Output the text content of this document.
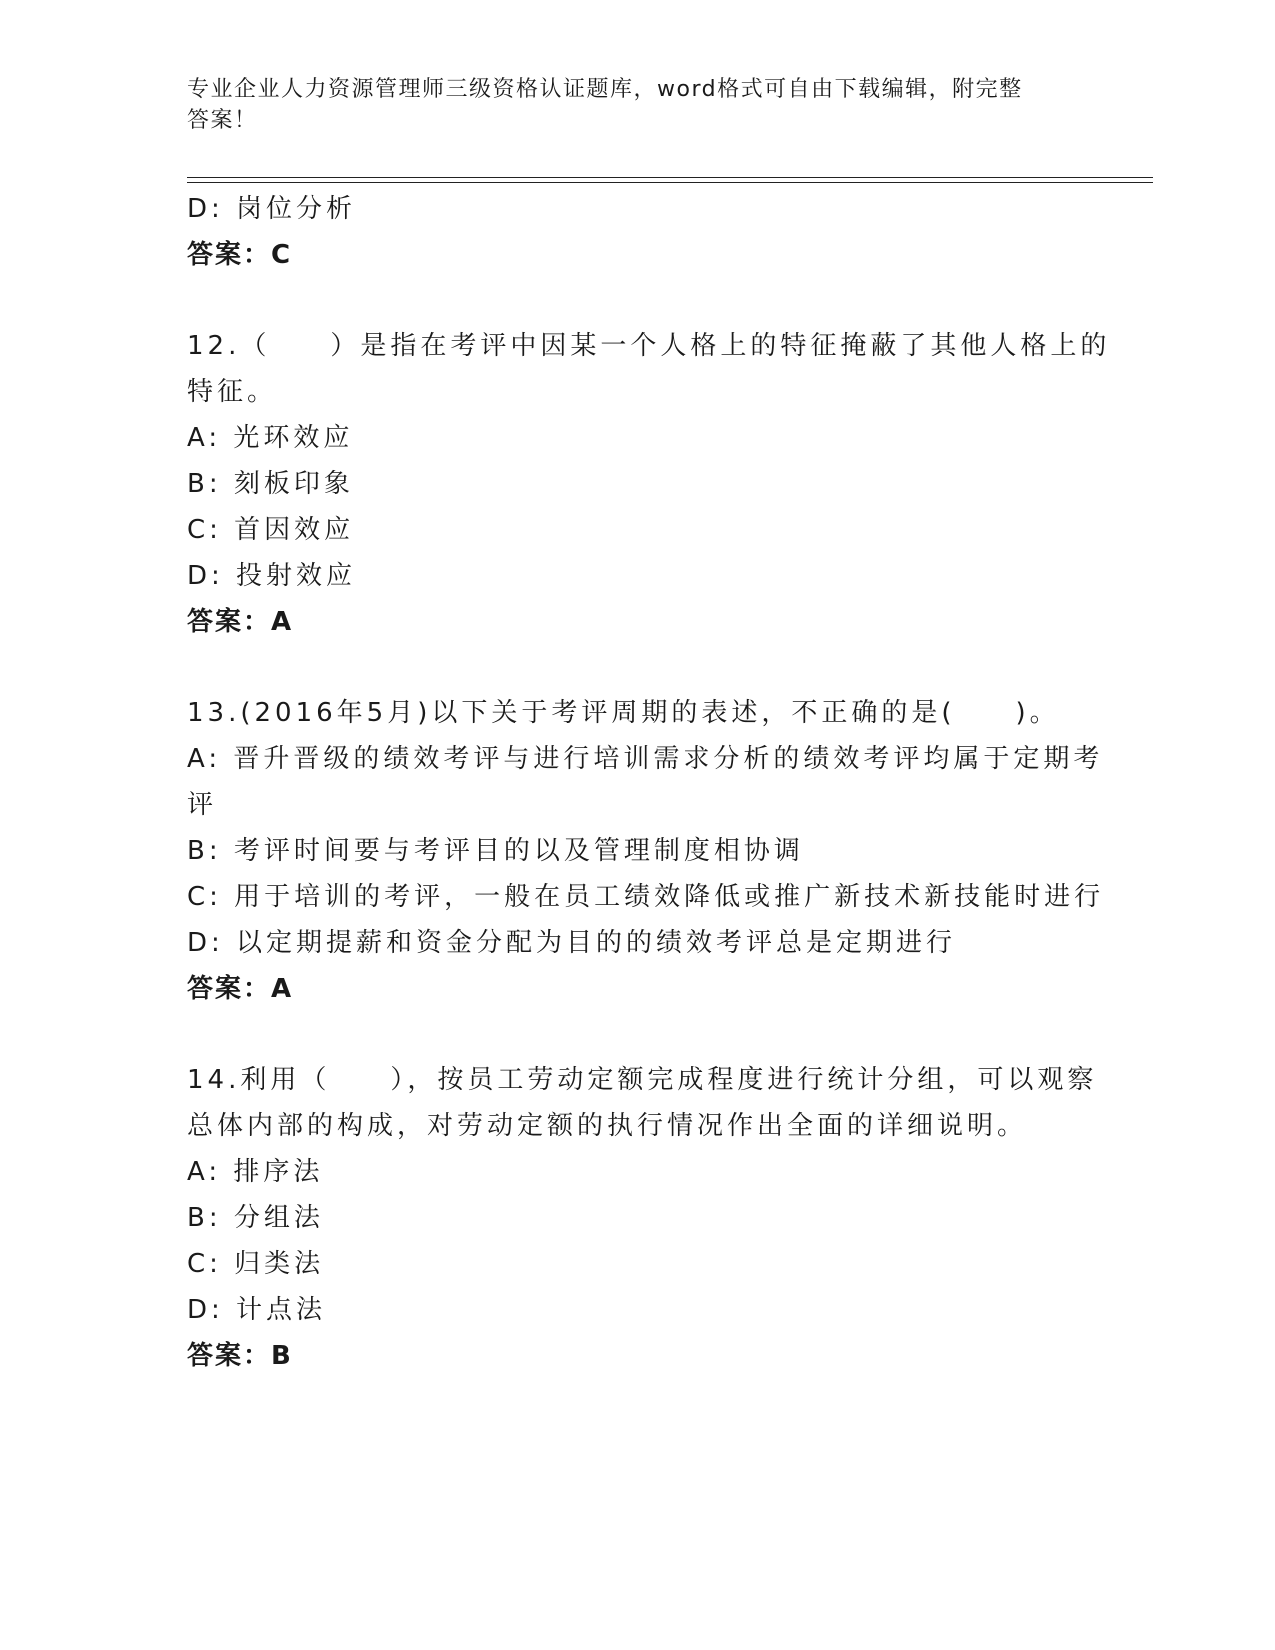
专业企业人力资源管理师三级资格认证题库，word格式可自由下载编辑，附完整
答案！
D: 岗位分析
答案：C
12.（　　）是指在考评中因某一个人格上的特征掩蔽了其他人格上的
特征。
A: 光环效应
B: 刻板印象
C: 首因效应
D: 投射效应
答案：A
13.(2016年5月)以下关于考评周期的表述，不正确的是(　　)。
A: 晋升晋级的绩效考评与进行培训需求分析的绩效考评均属于定期考
评
B: 考评时间要与考评目的以及管理制度相协调
C: 用于培训的考评，一般在员工绩效降低或推广新技术新技能时进行
D: 以定期提薪和资金分配为目的的绩效考评总是定期进行
答案：A
14.利用（　　），按员工劳动定额完成程度进行统计分组，可以观察
总体内部的构成，对劳动定额的执行情况作出全面的详细说明。
A: 排序法
B: 分组法
C: 归类法
D: 计点法
答案：B
